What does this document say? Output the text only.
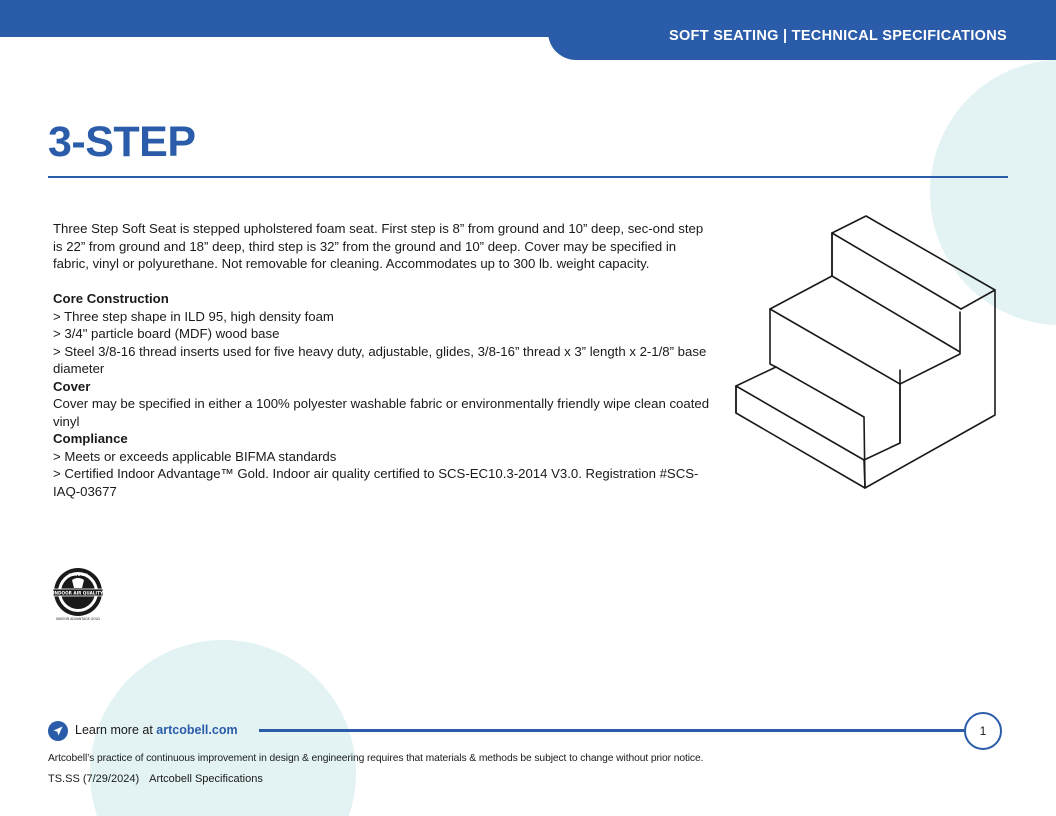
SOFT SEATING | TECHNICAL SPECIFICATIONS
3-STEP

Three Step Soft Seat is stepped upholstered foam seat. First step is 8” from ground and 10” deep, sec-ond step is 22” from ground and 18” deep, third step is 32” from the ground and 10” deep. Cover may be specified in fabric, vinyl or polyurethane. Not removable for cleaning. Accommodates up to 300 lb. weight capacity.

Core Construction

> Three step shape in ILD 95, high density foam

> 3/4" particle board (MDF) wood base

> Steel 3/8-16 thread inserts used for five heavy duty, adjustable, glides, 3/8-16” thread x 3” length x 2-1/8” base diameter

Cover

Cover may be specified in either a 100% polyester washable fabric or environmentally friendly wipe clean coated vinyl

Compliance

> Meets or exceeds applicable BIFMA standards

> Certified Indoor Advantage™ Gold. Indoor air quality certified to SCS-EC10.3-2014 V3.0. Registration #SCS-IAQ-03677

INDOOR AIR QUALITY
CERTIFIED
INDOOR ADVANTAGE GOLD
Learn more at artcobell.com	1
Artcobell’s practice of continuous improvement in design & engineering requires that materials & methods be subject to change without prior notice.
TS.SS (7/29/2024) Artcobell Specifications
